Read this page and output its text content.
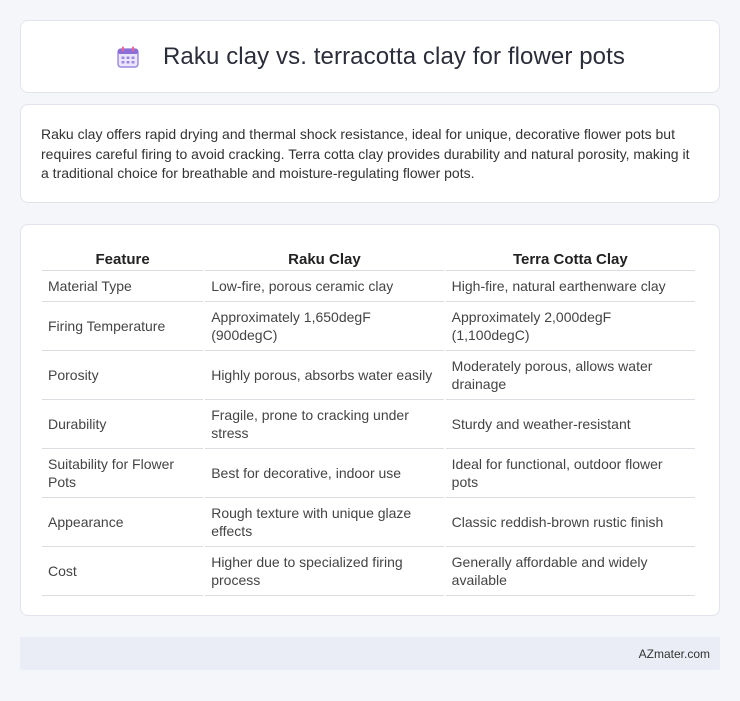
Raku clay vs. terracotta clay for flower pots

Raku clay offers rapid drying and thermal shock resistance, ideal for unique, decorative flower pots but requires careful firing to avoid cracking. Terra cotta clay provides durability and natural porosity, making it a traditional choice for breathable and moisture-regulating flower pots.

Feature	Raku Clay	Terra Cotta Clay
Material Type	Low-fire, porous ceramic clay	High-fire, natural earthenware clay
Firing Temperature	Approximately 1,650degF (900degC)	Approximately 2,000degF (1,100degC)
Porosity	Highly porous, absorbs water easily	Moderately porous, allows water drainage
Durability	Fragile, prone to cracking under stress	Sturdy and weather-resistant
Suitability for Flower Pots	Best for decorative, indoor use	Ideal for functional, outdoor flower pots
Appearance	Rough texture with unique glaze effects	Classic reddish-brown rustic finish
Cost	Higher due to specialized firing process	Generally affordable and widely available
AZmater.com
